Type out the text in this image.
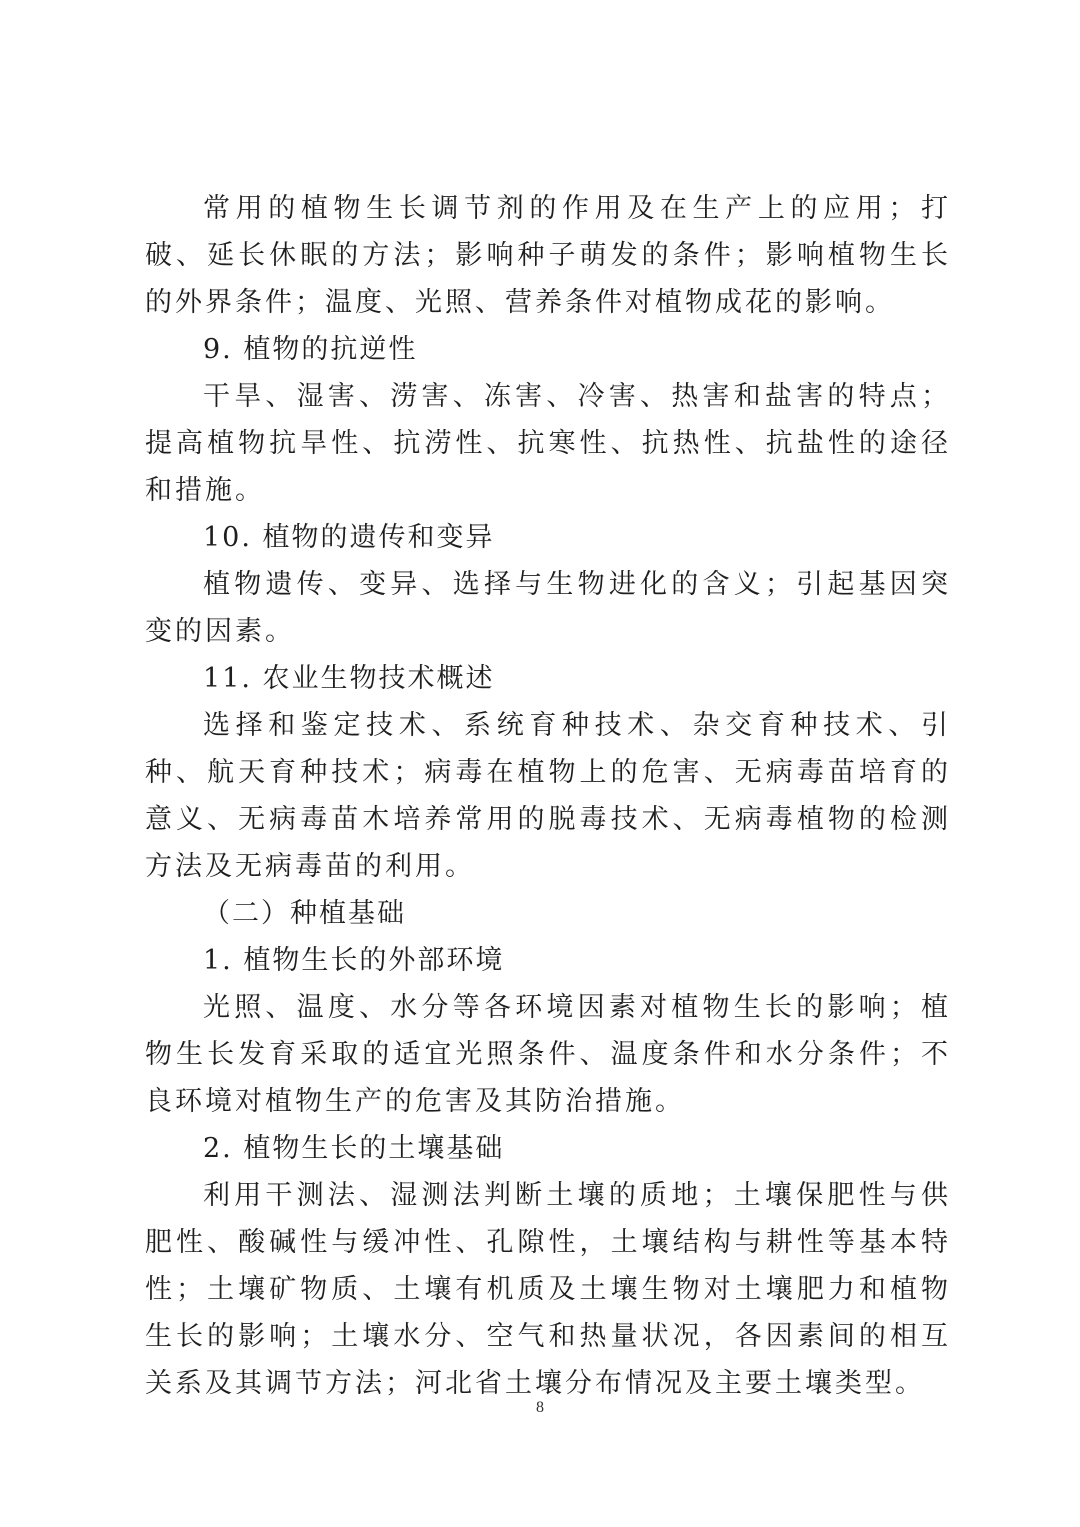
常用的植物生长调节剂的作用及在生产上的应用；打破、延长休眠的方法；影响种子萌发的条件；影响植物生长的外界条件；温度、光照、营养条件对植物成花的影响。

9. 植物的抗逆性

干旱、湿害、涝害、冻害、冷害、热害和盐害的特点；提高植物抗旱性、抗涝性、抗寒性、抗热性、抗盐性的途径和措施。

10. 植物的遗传和变异

植物遗传、变异、选择与生物进化的含义；引起基因突变的因素。

11. 农业生物技术概述

选择和鉴定技术、系统育种技术、杂交育种技术、引种、航天育种技术；病毒在植物上的危害、无病毒苗培育的意义、无病毒苗木培养常用的脱毒技术、无病毒植物的检测方法及无病毒苗的利用。

（二）种植基础

1. 植物生长的外部环境

光照、温度、水分等各环境因素对植物生长的影响；植物生长发育采取的适宜光照条件、温度条件和水分条件；不良环境对植物生产的危害及其防治措施。

2. 植物生长的土壤基础

利用干测法、湿测法判断土壤的质地；土壤保肥性与供肥性、酸碱性与缓冲性、孔隙性，土壤结构与耕性等基本特性；土壤矿物质、土壤有机质及土壤生物对土壤肥力和植物生长的影响；土壤水分、空气和热量状况，各因素间的相互关系及其调节方法；河北省土壤分布情况及主要土壤类型。

8
